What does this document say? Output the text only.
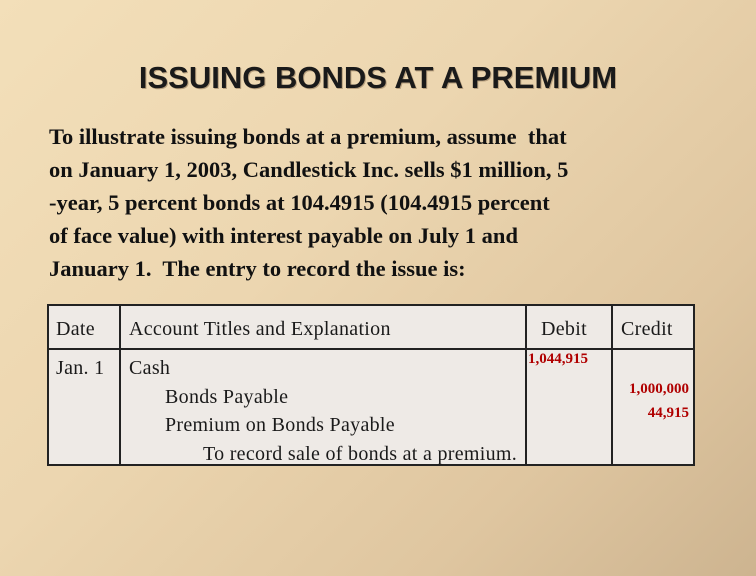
ISSUING BONDS AT A PREMIUM
To illustrate issuing bonds at a premium, assume  that
on January 1, 2003, Candlestick Inc. sells $1 million, 5
-year, 5 percent bonds at 104.4915 (104.4915 percent
of face value) with interest payable on July 1 and
January 1.  The entry to record the issue is:
Date Account Titles and Explanation	Debit Credit
Jan. 1 Cash
Bonds Payable
Premium on Bonds Payable
To record sale of bonds at a premium.
1,044,915
1,000,000
44,915
